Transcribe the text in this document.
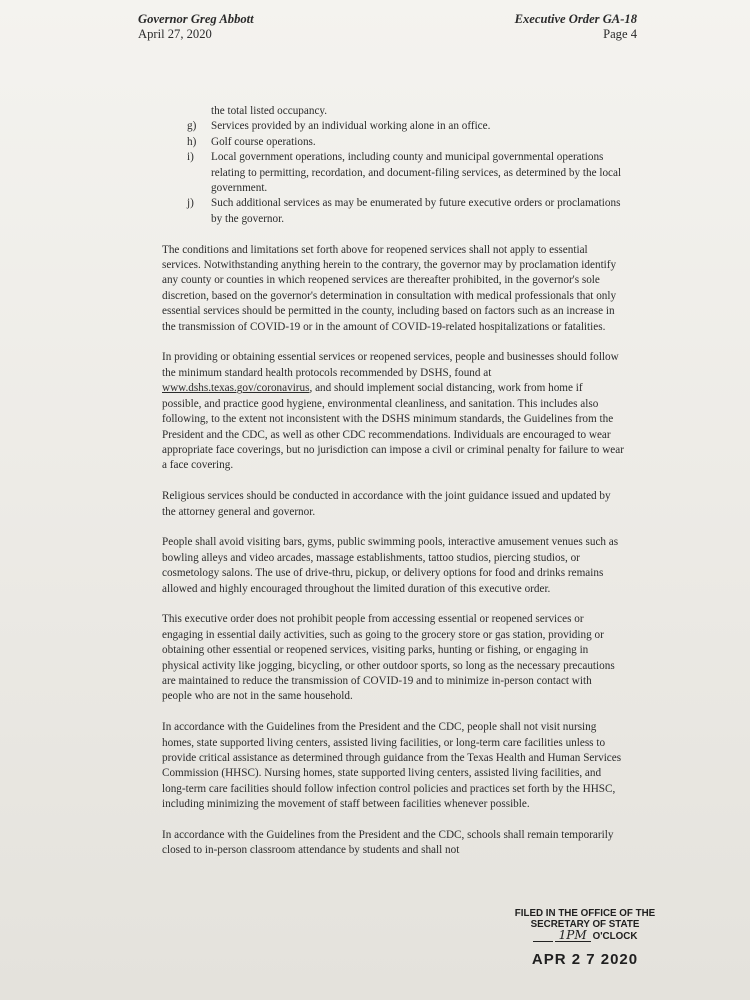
Governor Greg Abbott
April 27, 2020
Executive Order GA-18
Page 4
the total listed occupancy.
g)	Services provided by an individual working alone in an office.
h)	Golf course operations.
i)	Local government operations, including county and municipal governmental operations relating to permitting, recordation, and document-filing services, as determined by the local government.
j)	Such additional services as may be enumerated by future executive orders or proclamations by the governor.

The conditions and limitations set forth above for reopened services shall not apply to essential services. Notwithstanding anything herein to the contrary, the governor may by proclamation identify any county or counties in which reopened services are thereafter prohibited, in the governor's sole discretion, based on the governor's determination in consultation with medical professionals that only essential services should be permitted in the county, including based on factors such as an increase in the transmission of COVID-19 or in the amount of COVID-19-related hospitalizations or fatalities.

In providing or obtaining essential services or reopened services, people and businesses should follow the minimum standard health protocols recommended by DSHS, found at www.dshs.texas.gov/coronavirus, and should implement social distancing, work from home if possible, and practice good hygiene, environmental cleanliness, and sanitation. This includes also following, to the extent not inconsistent with the DSHS minimum standards, the Guidelines from the President and the CDC, as well as other CDC recommendations. Individuals are encouraged to wear appropriate face coverings, but no jurisdiction can impose a civil or criminal penalty for failure to wear a face covering.

Religious services should be conducted in accordance with the joint guidance issued and updated by the attorney general and governor.

People shall avoid visiting bars, gyms, public swimming pools, interactive amusement venues such as bowling alleys and video arcades, massage establishments, tattoo studios, piercing studios, or cosmetology salons. The use of drive-thru, pickup, or delivery options for food and drinks remains allowed and highly encouraged throughout the limited duration of this executive order.

This executive order does not prohibit people from accessing essential or reopened services or engaging in essential daily activities, such as going to the grocery store or gas station, providing or obtaining other essential or reopened services, visiting parks, hunting or fishing, or engaging in physical activity like jogging, bicycling, or other outdoor sports, so long as the necessary precautions are maintained to reduce the transmission of COVID-19 and to minimize in-person contact with people who are not in the same household.

In accordance with the Guidelines from the President and the CDC, people shall not visit nursing homes, state supported living centers, assisted living facilities, or long-term care facilities unless to provide critical assistance as determined through guidance from the Texas Health and Human Services Commission (HHSC). Nursing homes, state supported living centers, assisted living facilities, and long-term care facilities should follow infection control policies and practices set forth by the HHSC, including minimizing the movement of staff between facilities whenever possible.

In accordance with the Guidelines from the President and the CDC, schools shall remain temporarily closed to in-person classroom attendance by students and shall not

FILED IN THE OFFICE OF THE
SECRETARY OF STATE
1PM O'CLOCK
APR 2 7 2020
